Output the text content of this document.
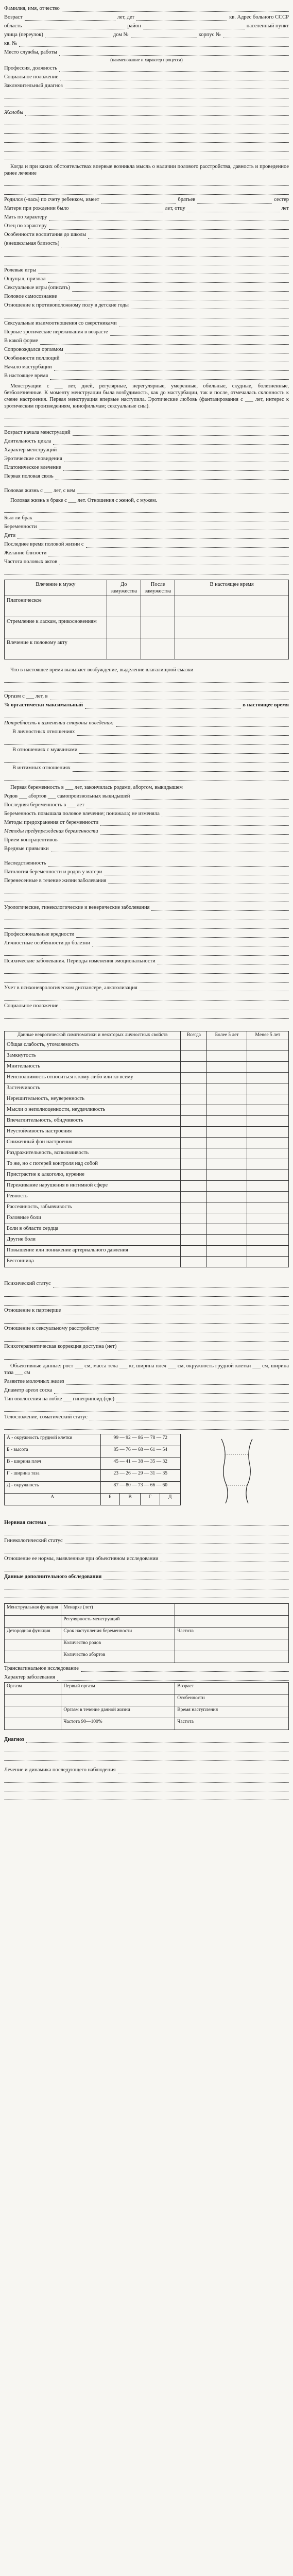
Фамилия, имя, отчество
Возраст	лет, дет	кв. Адрес больного СССР
область	район	населенный пункт
улица (переулок)	дом №	корпус №
кв. №
Место службы, работы
(наименование и характер процесса)
Профессия, должность
Социальное положение
Заключительный диагноз
Жалобы
Когда и при каких обстоятельствах впервые возникла мысль о наличии полового расстройства, давность и проведенное ранее лечение
Родился (-лась) по счету ребенком, имеет	братьев	сестер
Матери при рождении было	лет, отцу	лет
Мать по характеру
Отец по характеру
Особенности воспитания до школы
(внешкольная близость)
Ролевые игры
Ощущал, признал
Сексуальные игры (описать)
Половое самосознание
Отношение к противоположному полу в детские годы
Сексуальные взаимоотношения со сверстниками
Первые эротические переживания в возрасте
В какой форме
Сопровождался оргазмом
Особенности поллюций
Начало мастурбации
В настоящее время
Менструации с ___ лет, дней, регулярные, нерегулярные, умеренные, обильные, скудные, болезненные, безболезненные. К моменту менструации была возбудимость, как до мастурбации, так и после, отмечалась склонность к смене настроения. Первая менструация впервые наступила. Эротические любовь (фантазирования с ___ лет, интерес к эротическим произведениям, кинофильмам; сексуальные сны).
Возраст начала менструаций
Длительность цикла
Характер менструаций
Эротические сновидения
Платоническое влечение
Первая половая связь
Половая жизнь с ___ лет, с кем
Половая жизнь в браке с ___ лет. Отношения с женой, с мужем.
Был ли брак
Беременности
Дети
Последнее время половой жизни с
Желание близости
Частота половых актов
Влечение к мужу	До замужества	После замужества	В настоящее время
Платоническое			
Стремление к ласкам, прикосновениям			
Влечение к половому акту			
Что в настоящее время вызывает возбуждение, выделение влагалищной смазки
Оргазм с ___ лет, в
% оргастически максимальный	в настоящее время
Потребность в изменении стороны поведения:
В личностных отношениях
В отношениях с мужчинами
В интимных отношениях
Первая беременность в ___ лет, закончилась родами, абортом, выкидышем
Родов ___ абортов ___ самопроизвольных выкидышей
Последняя беременность в ___ лет
Беременность повышала половое влечение; понижала; не изменяла
Методы предохранения от беременности
Методы предупреждения беременности
Прием контрацептивов
Вредные привычки
Наследственность
Патология беременности и родов у матери
Перенесенные в течение жизни заболевания
Урологические, гинекологические и венерические заболевания
Профессиональные вредности
Личностные особенности до болезни
Психические заболевания. Периоды изменения эмоциональности
Учет в психоневрологическом диспансере, алкоголизация
Социальное положение
Данные невротической симптоматики и некоторых личностных свойств	Всегда	Более 5 лет	Менее 5 лет
Общая слабость, утомляемость			
Замкнутость			
Мнительность			
Неисполнимость относиться к кому-либо или ко всему			
Застенчивость			
Нерешительность, неуверенность			
Мысли о неполноценности, неудачливость			
Впечатлительность, обидчивость			
Неустойчивость настроения			
Сниженный фон настроения			
Раздражительность, вспыльчивость			
То же, но с потерей контроля над собой			
Пристрастие к алкоголю, курение			
Переживание нарушения в интимной сфере			
Ревность			
Рассеянность, забывчивость			
Головные боли			
Боли в области сердца			
Другие боли			
Повышение или понижение артериального давления			
Бессонница			
Психический статус
Отношение к партнерше
Отношение к сексуальному расстройству
Психотерапевтическая коррекция доступна (нет)
Объективные данные: рост ___ см, масса тела ___ кг, ширина плеч ___ см, окружность грудной клетки ___ см, ширина таза ___ см
Развитие молочных желез
Диаметр ареол соска
Тип оволосения на лобке ___ гинегрипоид (где)
Телосложение, соматический статус
А - окружность грудной клетки	99 — 92 — 86 — 78 — 72			
Б - высота	85 — 76 — 68 — 61 — 54			
В - ширина плеч	45 — 41 — 38 — 35 — 32			
Г - ширина таза	23 — 26 — 29 — 31 — 35			
Д - окружность	87 — 80 — 73 — 66 — 60			
А	Б	В	Г	Д
Нервная система
Гинекологический статус
Отношение ее нормы, выявленные при объективном исследовании
Данные дополнительного обследования
Менструальная функция	Менархе (лет)	
	Регулярность менструаций	
Детородная функция	Срок наступления беременности	Частота
	Количество родов	
	Количество абортов	
Трансвагинальное исследование
Характер заболевания
Оргазм	Первый оргазм	Возраст
		Особенности
	Оргазм в течение данной жизни	Время наступления
	Частота 90—100%	Частота
Диагноз
Лечение и динамика последующего наблюдения
